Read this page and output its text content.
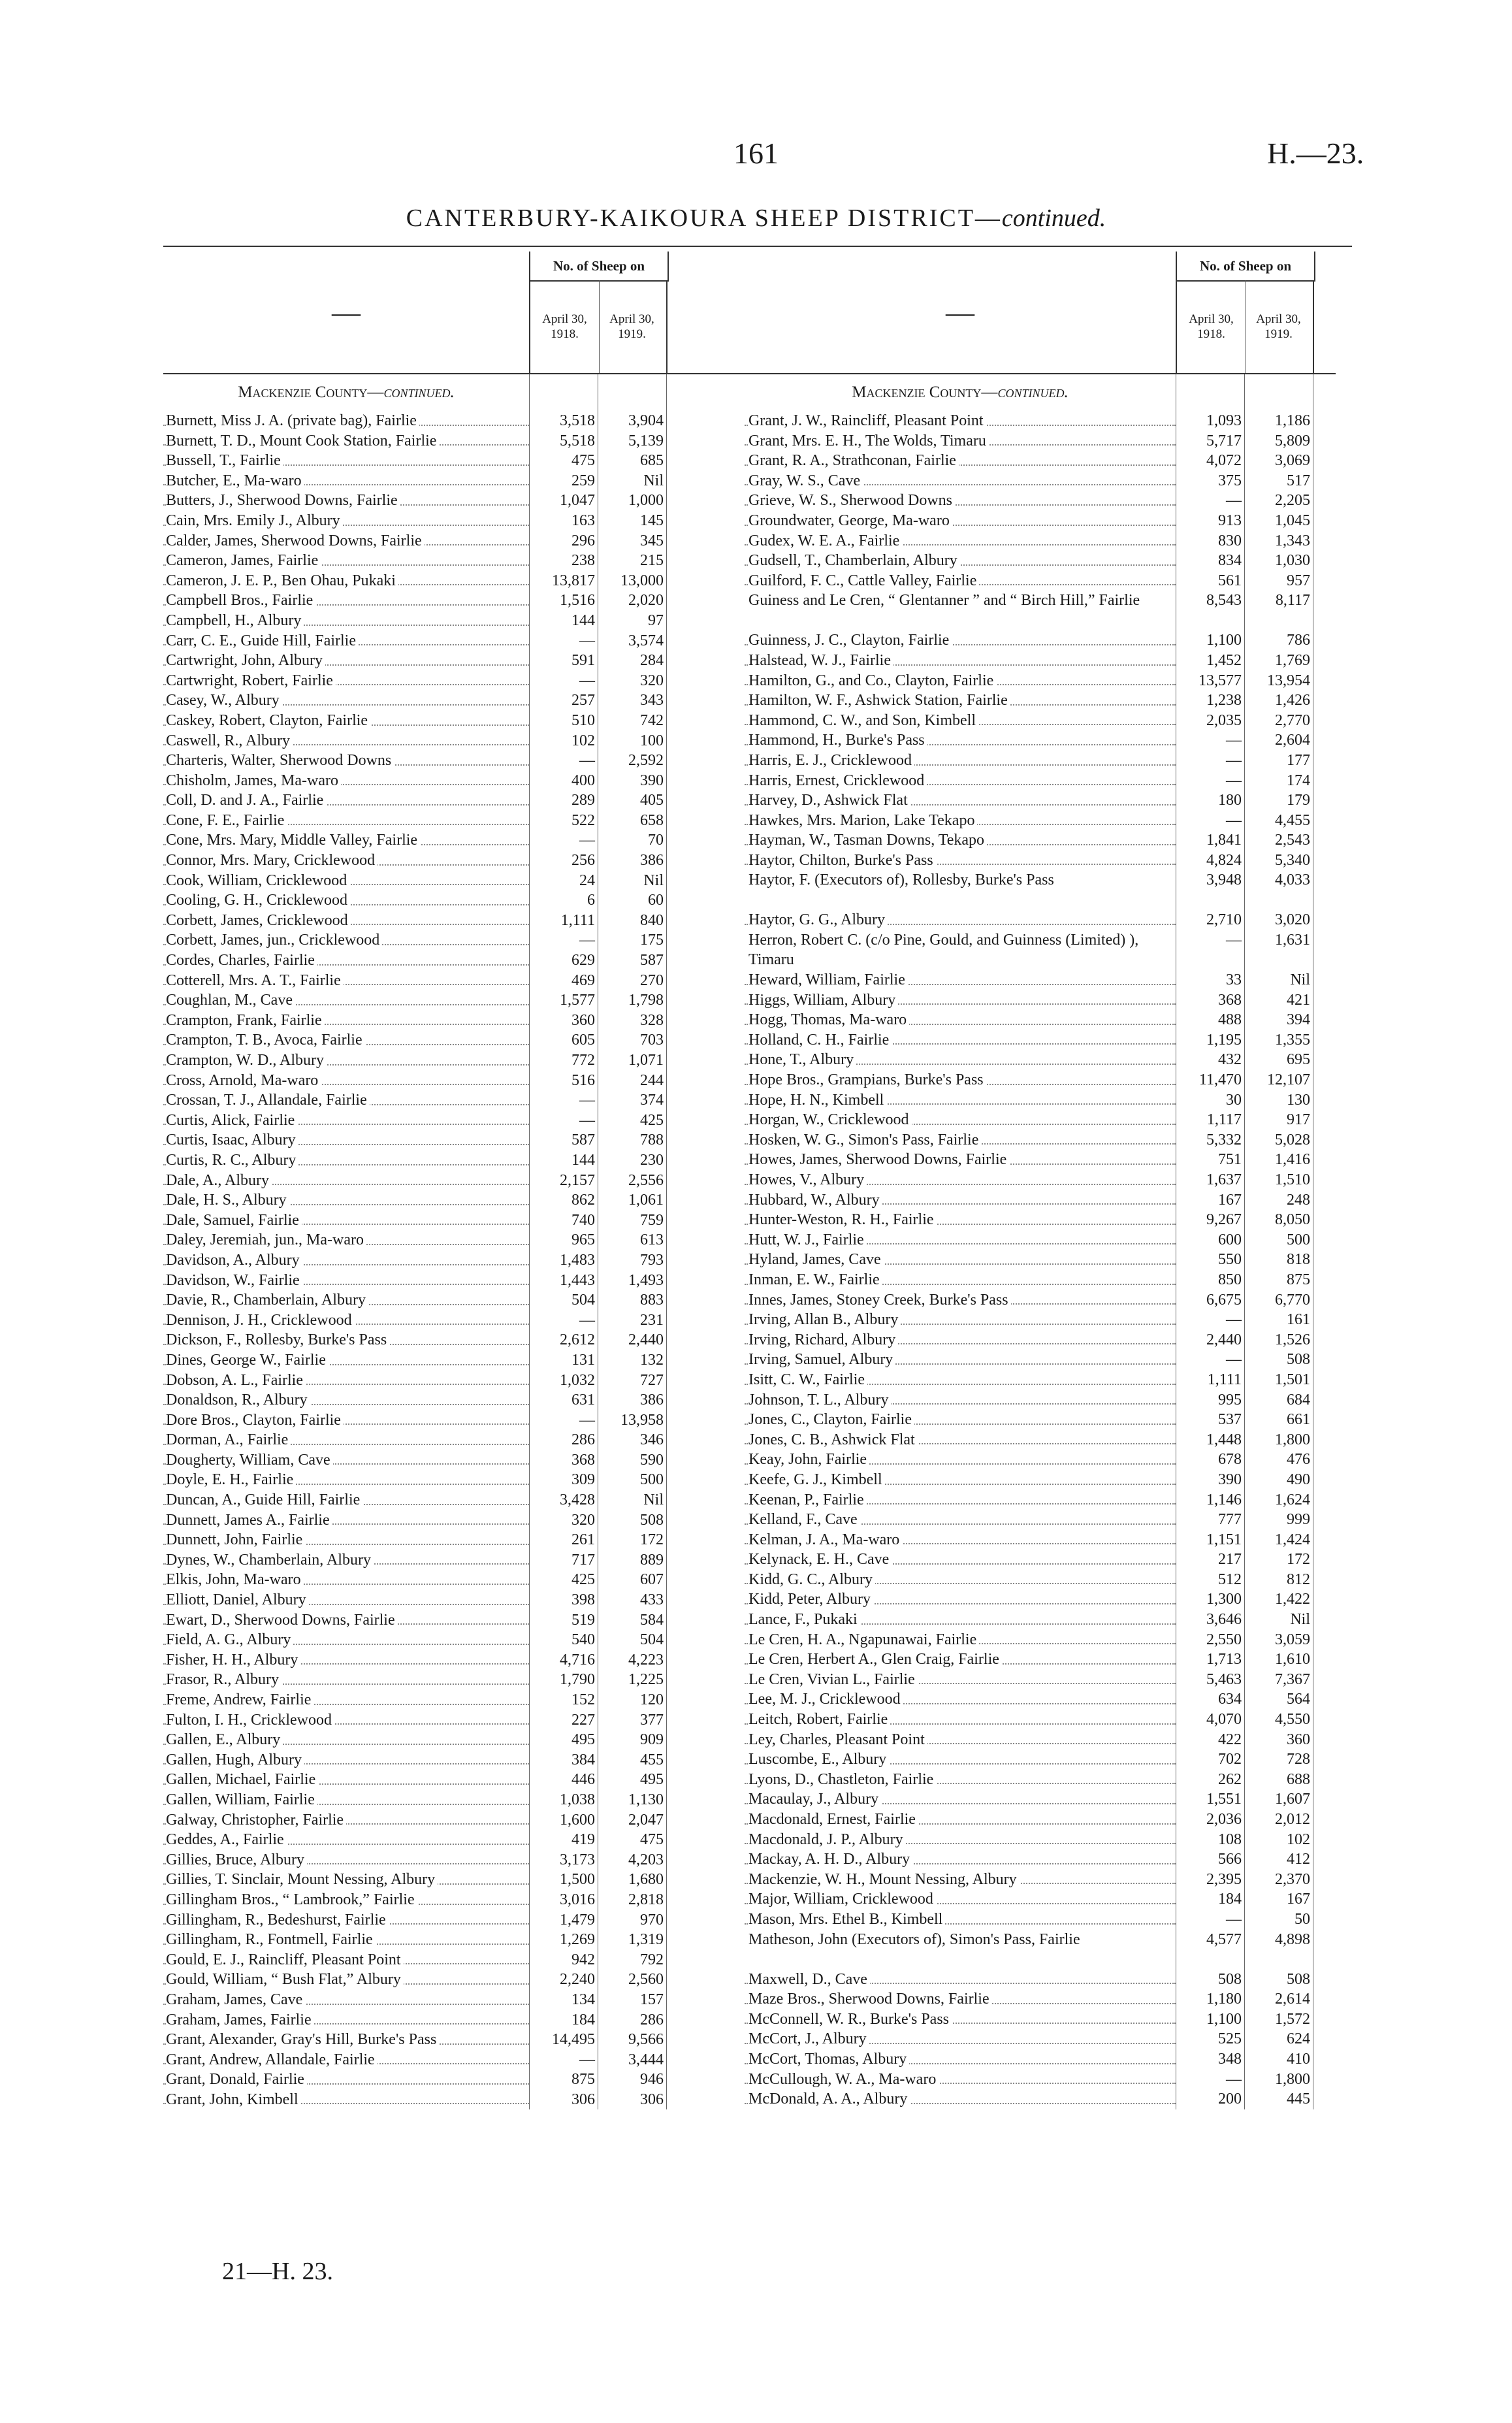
161	H.—23.
CANTERBURY-KAIKOURA SHEEP DISTRICT—continued.
—
No. of Sheep on
April 30,
1918.
April 30,
1919.
Mackenzie County—continued.
Burnett, Miss J. A. (private bag), Fairlie	3,518	3,904
Burnett, T. D., Mount Cook Station, Fairlie	5,518	5,139
Bussell, T., Fairlie	475	685
Butcher, E., Ma-waro	259	Nil
Butters, J., Sherwood Downs, Fairlie	1,047	1,000
Cain, Mrs. Emily J., Albury	163	145
Calder, James, Sherwood Downs, Fairlie	296	345
Cameron, James, Fairlie	238	215
Cameron, J. E. P., Ben Ohau, Pukaki	13,817	13,000
Campbell Bros., Fairlie	1,516	2,020
Campbell, H., Albury	144	97
Carr, C. E., Guide Hill, Fairlie	—	3,574
Cartwright, John, Albury	591	284
Cartwright, Robert, Fairlie	—	320
Casey, W., Albury	257	343
Caskey, Robert, Clayton, Fairlie	510	742
Caswell, R., Albury	102	100
Charteris, Walter, Sherwood Downs	—	2,592
Chisholm, James, Ma-waro	400	390
Coll, D. and J. A., Fairlie	289	405
Cone, F. E., Fairlie	522	658
Cone, Mrs. Mary, Middle Valley, Fairlie	—	70
Connor, Mrs. Mary, Cricklewood	256	386
Cook, William, Cricklewood	24	Nil
Cooling, G. H., Cricklewood	6	60
Corbett, James, Cricklewood	1,111	840
Corbett, James, jun., Cricklewood	—	175
Cordes, Charles, Fairlie	629	587
Cotterell, Mrs. A. T., Fairlie	469	270
Coughlan, M., Cave	1,577	1,798
Crampton, Frank, Fairlie	360	328
Crampton, T. B., Avoca, Fairlie	605	703
Crampton, W. D., Albury	772	1,071
Cross, Arnold, Ma-waro	516	244
Crossan, T. J., Allandale, Fairlie	—	374
Curtis, Alick, Fairlie	—	425
Curtis, Isaac, Albury	587	788
Curtis, R. C., Albury	144	230
Dale, A., Albury	2,157	2,556
Dale, H. S., Albury	862	1,061
Dale, Samuel, Fairlie	740	759
Daley, Jeremiah, jun., Ma-waro	965	613
Davidson, A., Albury	1,483	793
Davidson, W., Fairlie	1,443	1,493
Davie, R., Chamberlain, Albury	504	883
Dennison, J. H., Cricklewood	—	231
Dickson, F., Rollesby, Burke's Pass	2,612	2,440
Dines, George W., Fairlie	131	132
Dobson, A. L., Fairlie	1,032	727
Donaldson, R., Albury	631	386
Dore Bros., Clayton, Fairlie	—	13,958
Dorman, A., Fairlie	286	346
Dougherty, William, Cave	368	590
Doyle, E. H., Fairlie	309	500
Duncan, A., Guide Hill, Fairlie	3,428	Nil
Dunnett, James A., Fairlie	320	508
Dunnett, John, Fairlie	261	172
Dynes, W., Chamberlain, Albury	717	889
Elkis, John, Ma-waro	425	607
Elliott, Daniel, Albury	398	433
Ewart, D., Sherwood Downs, Fairlie	519	584
Field, A. G., Albury	540	504
Fisher, H. H., Albury	4,716	4,223
Frasor, R., Albury	1,790	1,225
Freme, Andrew, Fairlie	152	120
Fulton, I. H., Cricklewood	227	377
Gallen, E., Albury	495	909
Gallen, Hugh, Albury	384	455
Gallen, Michael, Fairlie	446	495
Gallen, William, Fairlie	1,038	1,130
Galway, Christopher, Fairlie	1,600	2,047
Geddes, A., Fairlie	419	475
Gillies, Bruce, Albury	3,173	4,203
Gillies, T. Sinclair, Mount Nessing, Albury	1,500	1,680
Gillingham Bros., “ Lambrook,” Fairlie	3,016	2,818
Gillingham, R., Bedeshurst, Fairlie	1,479	970
Gillingham, R., Fontmell, Fairlie	1,269	1,319
Gould, E. J., Raincliff, Pleasant Point	942	792
Gould, William, “ Bush Flat,” Albury	2,240	2,560
Graham, James, Cave	134	157
Graham, James, Fairlie	184	286
Grant, Alexander, Gray's Hill, Burke's Pass	14,495	9,566
Grant, Andrew, Allandale, Fairlie	—	3,444
Grant, Donald, Fairlie	875	946
Grant, John, Kimbell	306	306
—
No. of Sheep on
April 30,
1918.
April 30,
1919.
Mackenzie County—continued.
Grant, J. W., Raincliff, Pleasant Point	1,093	1,186
Grant, Mrs. E. H., The Wolds, Timaru	5,717	5,809
Grant, R. A., Strathconan, Fairlie	4,072	3,069
Gray, W. S., Cave	375	517
Grieve, W. S., Sherwood Downs	—	2,205
Groundwater, George, Ma-waro	913	1,045
Gudex, W. E. A., Fairlie	830	1,343
Gudsell, T., Chamberlain, Albury	834	1,030
Guilford, F. C., Cattle Valley, Fairlie	561	957
Guiness and Le Cren, “ Glentanner ” and “ Birch Hill,” Fairlie	8,543	8,117
Guinness, J. C., Clayton, Fairlie	1,100	786
Halstead, W. J., Fairlie	1,452	1,769
Hamilton, G., and Co., Clayton, Fairlie	13,577	13,954
Hamilton, W. F., Ashwick Station, Fairlie	1,238	1,426
Hammond, C. W., and Son, Kimbell	2,035	2,770
Hammond, H., Burke's Pass	—	2,604
Harris, E. J., Cricklewood	—	177
Harris, Ernest, Cricklewood	—	174
Harvey, D., Ashwick Flat	180	179
Hawkes, Mrs. Marion, Lake Tekapo	—	4,455
Hayman, W., Tasman Downs, Tekapo	1,841	2,543
Haytor, Chilton, Burke's Pass	4,824	5,340
Haytor, F. (Executors of), Rollesby, Burke's Pass	3,948	4,033
Haytor, G. G., Albury	2,710	3,020
Herron, Robert C. (c/o Pine, Gould, and Guinness (Limited) ), Timaru
—	1,631
Heward, William, Fairlie	33	Nil
Higgs, William, Albury	368	421
Hogg, Thomas, Ma-waro	488	394
Holland, C. H., Fairlie	1,195	1,355
Hone, T., Albury	432	695
Hope Bros., Grampians, Burke's Pass	11,470	12,107
Hope, H. N., Kimbell	30	130
Horgan, W., Cricklewood	1,117	917
Hosken, W. G., Simon's Pass, Fairlie	5,332	5,028
Howes, James, Sherwood Downs, Fairlie	751	1,416
Howes, V., Albury	1,637	1,510
Hubbard, W., Albury	167	248
Hunter-Weston, R. H., Fairlie	9,267	8,050
Hutt, W. J., Fairlie	600	500
Hyland, James, Cave	550	818
Inman, E. W., Fairlie	850	875
Innes, James, Stoney Creek, Burke's Pass	6,675	6,770
Irving, Allan B., Albury	—	161
Irving, Richard, Albury	2,440	1,526
Irving, Samuel, Albury	—	508
Isitt, C. W., Fairlie	1,111	1,501
Johnson, T. L., Albury	995	684
Jones, C., Clayton, Fairlie	537	661
Jones, C. B., Ashwick Flat	1,448	1,800
Keay, John, Fairlie	678	476
Keefe, G. J., Kimbell	390	490
Keenan, P., Fairlie	1,146	1,624
Kelland, F., Cave	777	999
Kelman, J. A., Ma-waro	1,151	1,424
Kelynack, E. H., Cave	217	172
Kidd, G. C., Albury	512	812
Kidd, Peter, Albury	1,300	1,422
Lance, F., Pukaki	3,646	Nil
Le Cren, H. A., Ngapunawai, Fairlie	2,550	3,059
Le Cren, Herbert A., Glen Craig, Fairlie	1,713	1,610
Le Cren, Vivian L., Fairlie	5,463	7,367
Lee, M. J., Cricklewood	634	564
Leitch, Robert, Fairlie	4,070	4,550
Ley, Charles, Pleasant Point	422	360
Luscombe, E., Albury	702	728
Lyons, D., Chastleton, Fairlie	262	688
Macaulay, J., Albury	1,551	1,607
Macdonald, Ernest, Fairlie	2,036	2,012
Macdonald, J. P., Albury	108	102
Mackay, A. H. D., Albury	566	412
Mackenzie, W. H., Mount Nessing, Albury	2,395	2,370
Major, William, Cricklewood	184	167
Mason, Mrs. Ethel B., Kimbell	—	50
Matheson, John (Executors of), Simon's Pass, Fairlie	4,577	4,898
Maxwell, D., Cave	508	508
Maze Bros., Sherwood Downs, Fairlie	1,180	2,614
McConnell, W. R., Burke's Pass	1,100	1,572
McCort, J., Albury	525	624
McCort, Thomas, Albury	348	410
McCullough, W. A., Ma-waro	—	1,800
McDonald, A. A., Albury	200	445
21—H. 23.
